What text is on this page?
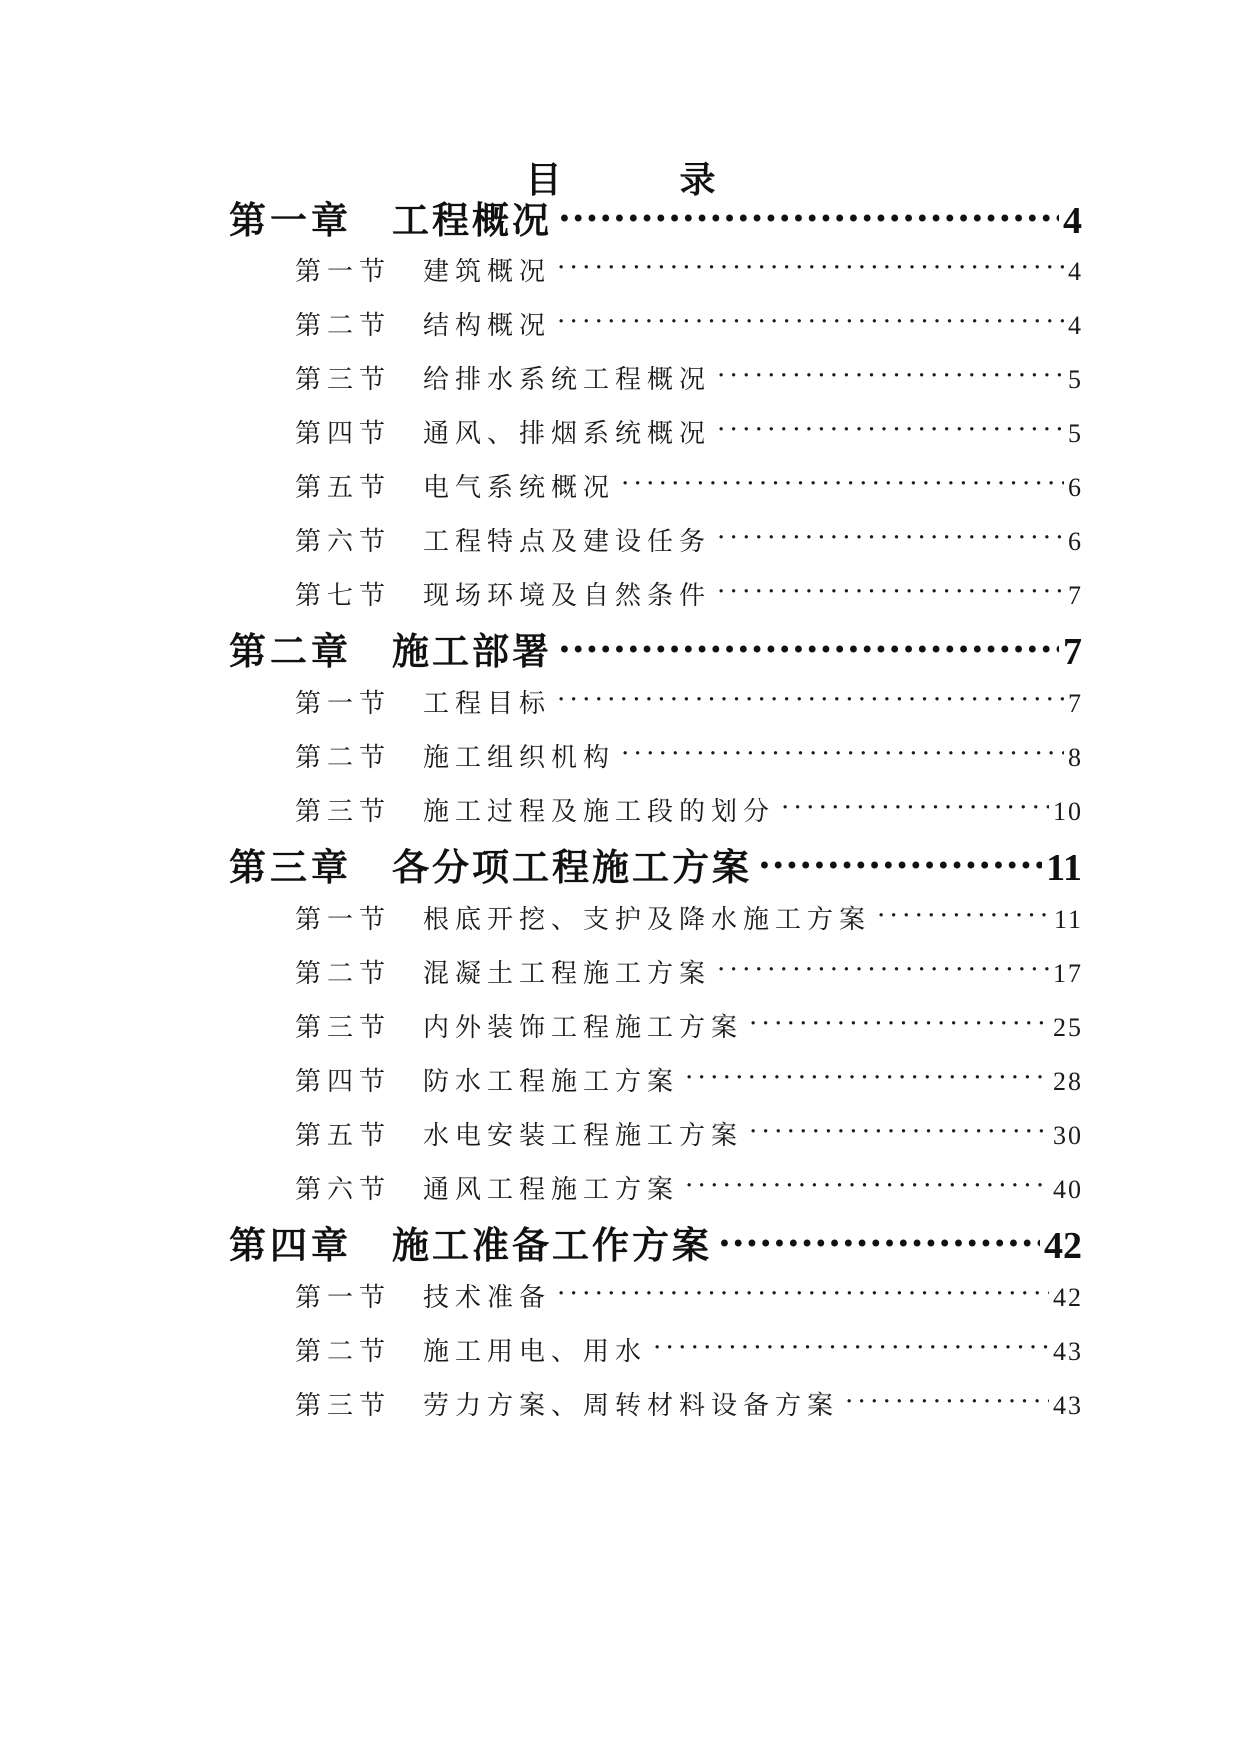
目	录
第一章	工程概况 . . .	4
第一节	建筑概况 . . .	4
第二节	结构概况 . . .	4
第三节	给排水系统工程概况 . . .	5
第四节	通风、排烟系统概况 . . .	5
第五节	电气系统概况 . . .	6
第六节	工程特点及建设任务 . . .	6
第七节	现场环境及自然条件 . . .	7
第二章	施工部署 . . .	7
第一节	工程目标 . . .	7
第二节	施工组织机构 . . .	8
第三节	施工过程及施工段的划分 . . .	10
第三章	各分项工程施工方案 . . .	11
第一节	根底开挖、支护及降水施工方案 . . .	11
第二节	混凝土工程施工方案 . . .	17
第三节	内外装饰工程施工方案 . . .	25
第四节	防水工程施工方案 . . .	28
第五节	水电安装工程施工方案 . . .	30
第六节	通风工程施工方案 . . .	40
第四章	施工准备工作方案 . . .	42
第一节	技术准备 . . .	42
第二节	施工用电、用水 . . .	43
第三节	劳力方案、周转材料设备方案 . . .	43
